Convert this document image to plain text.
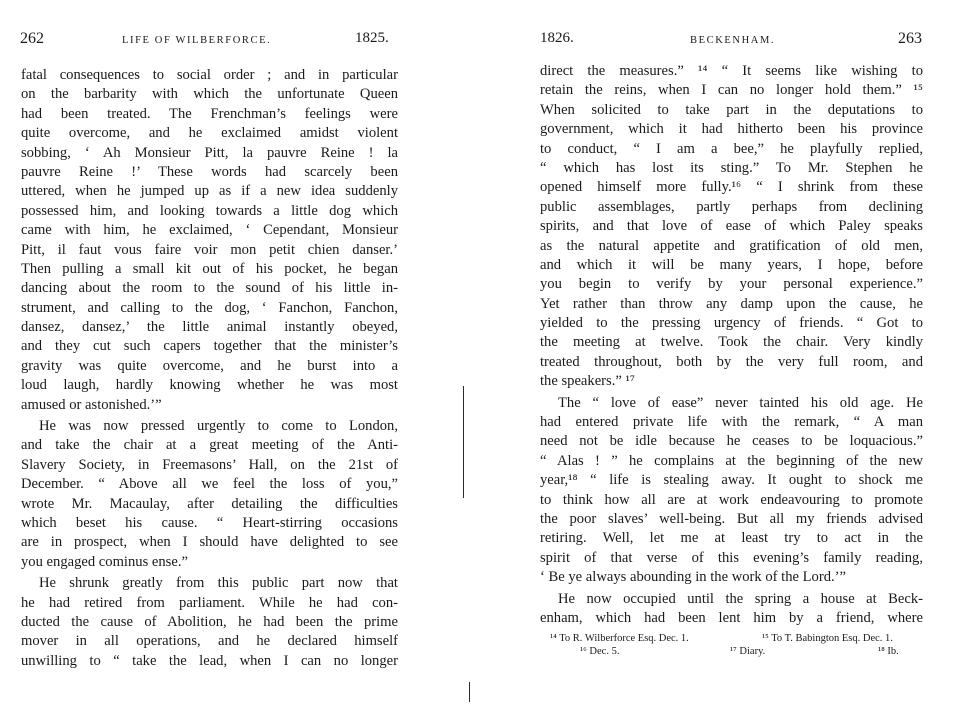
262	LIFE OF WILBERFORCE.	1825.
fatal consequences to social order ; and in particular
on the barbarity with which the unfortunate Queen
had been treated. The Frenchman’s feelings were
quite overcome, and he exclaimed amidst violent
sobbing, ‘ Ah Monsieur Pitt, la pauvre Reine ! la
pauvre Reine !’ These words had scarcely been
uttered, when he jumped up as if a new idea suddenly
possessed him, and looking towards a little dog which
came with him, he exclaimed, ‘ Cependant, Monsieur
Pitt, il faut vous faire voir mon petit chien danser.’
Then pulling a small kit out of his pocket, he began
dancing about the room to the sound of his little in-
strument, and calling to the dog, ‘ Fanchon, Fanchon,
dansez, dansez,’ the little animal instantly obeyed,
and they cut such capers together that the minister’s
gravity was quite overcome, and he burst into a
loud laugh, hardly knowing whether he was most
amused or astonished.’”
He was now pressed urgently to come to London,
and take the chair at a great meeting of the Anti-
Slavery Society, in Freemasons’ Hall, on the 21st of
December. “ Above all we feel the loss of you,”
wrote Mr. Macaulay, after detailing the difficulties
which beset his cause. “ Heart-stirring occasions
are in prospect, when I should have delighted to see
you engaged cominus ense.”
He shrunk greatly from this public part now that
he had retired from parliament. While he had con-
ducted the cause of Abolition, he had been the prime
mover in all operations, and he declared himself
unwilling to “ take the lead, when I can no longer
1826.	BECKENHAM.	263
direct the measures.” ¹⁴ “ It seems like wishing to
retain the reins, when I can no longer hold them.” ¹⁵
When solicited to take part in the deputations to
government, which it had hitherto been his province
to conduct, “ I am a bee,” he playfully replied,
“ which has lost its sting.” To Mr. Stephen he
opened himself more fully.¹⁶ “ I shrink from these
public assemblages, partly perhaps from declining
spirits, and that love of ease of which Paley speaks
as the natural appetite and gratification of old men,
and which it will be many years, I hope, before
you begin to verify by your personal experience.”
Yet rather than throw any damp upon the cause, he
yielded to the pressing urgency of friends. “ Got to
the meeting at twelve. Took the chair. Very kindly
treated throughout, both by the very full room, and
the speakers.” ¹⁷
The “ love of ease” never tainted his old age. He
had entered private life with the remark, “ A man
need not be idle because he ceases to be loquacious.”
“ Alas ! ” he complains at the beginning of the new
year,¹⁸ “ life is stealing away. It ought to shock me
to think how all are at work endeavouring to promote
the poor slaves’ well-being. But all my friends advised
retiring. Well, let me at least try to act in the
spirit of that verse of this evening’s family reading,
‘ Be ye always abounding in the work of the Lord.’”
He now occupied until the spring a house at Beck-
enham, which had been lent him by a friend, where
¹⁴ To R. Wilberforce Esq. Dec. 1.	¹⁵ To T. Babington Esq. Dec. 1.
¹⁶ Dec. 5.	¹⁷ Diary.	¹⁸ Ib.
